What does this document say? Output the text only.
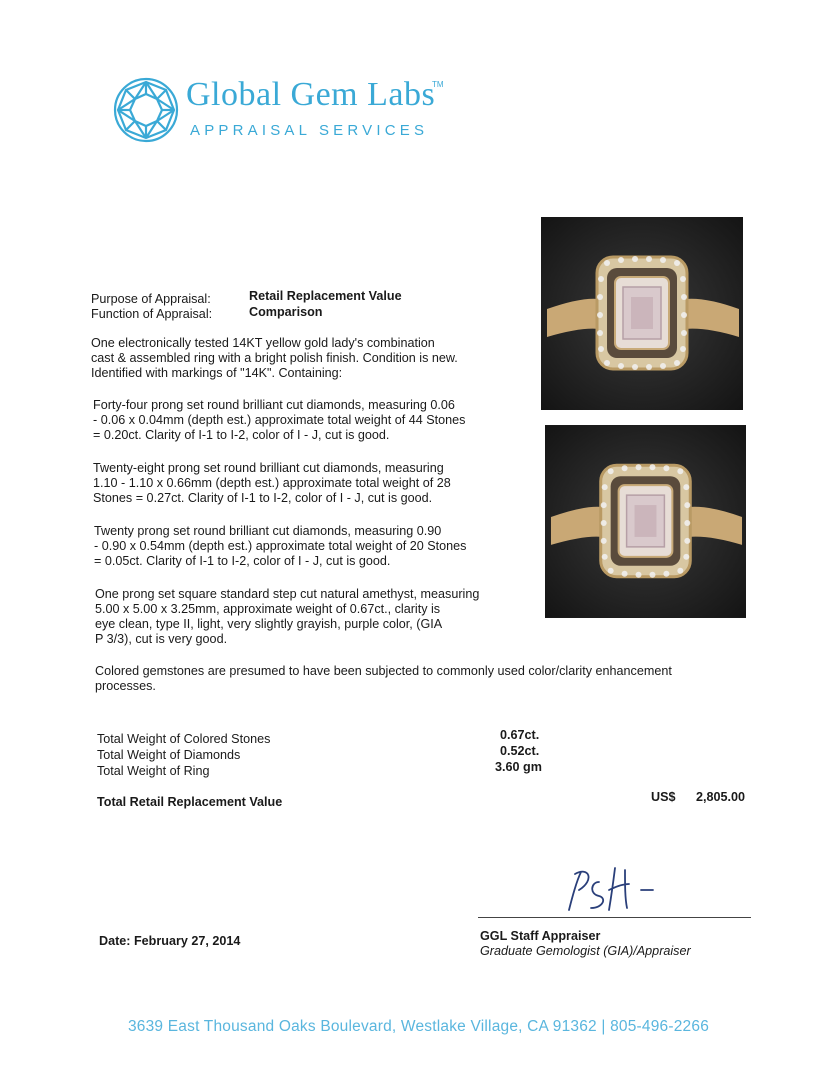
Global Gem Labs
TM
APPRAISAL SERVICES
Purpose of Appraisal:	Retail Replacement Value
Function of Appraisal:	Comparison
One electronically tested 14KT yellow gold lady's combination
cast & assembled ring with a bright polish finish. Condition is new.
Identified with markings of "14K". Containing:
Forty-four prong set round brilliant cut diamonds, measuring 0.06
- 0.06 x 0.04mm (depth est.) approximate total weight of 44 Stones
= 0.20ct. Clarity of I-1 to I-2, color of I - J, cut is good.
Twenty-eight prong set round brilliant cut diamonds, measuring
1.10 - 1.10 x 0.66mm (depth est.) approximate total weight of 28
Stones = 0.27ct. Clarity of I-1 to I-2, color of I - J, cut is good.
Twenty prong set round brilliant cut diamonds, measuring 0.90
- 0.90 x 0.54mm (depth est.) approximate total weight of 20 Stones
= 0.05ct. Clarity of I-1 to I-2, color of I - J, cut is good.
One prong set square standard step cut natural amethyst, measuring
5.00 x 5.00 x 3.25mm, approximate weight of 0.67ct., clarity is
eye clean, type II, light, very slightly grayish, purple color, (GIA
P 3/3), cut is very good.
Colored gemstones are presumed to have been subjected to commonly used color/clarity enhancement
processes.
Total Weight of Colored Stones	0.67ct.
Total Weight of Diamonds	0.52ct.
Total Weight of Ring	3.60 gm
Total Retail Replacement Value	US$ 2,805.00
Date: February 27, 2014	GGL Staff Appraiser
Graduate Gemologist (GIA)/Appraiser
3639 East Thousand Oaks Boulevard, Westlake Village, CA 91362 | 805-496-2266
